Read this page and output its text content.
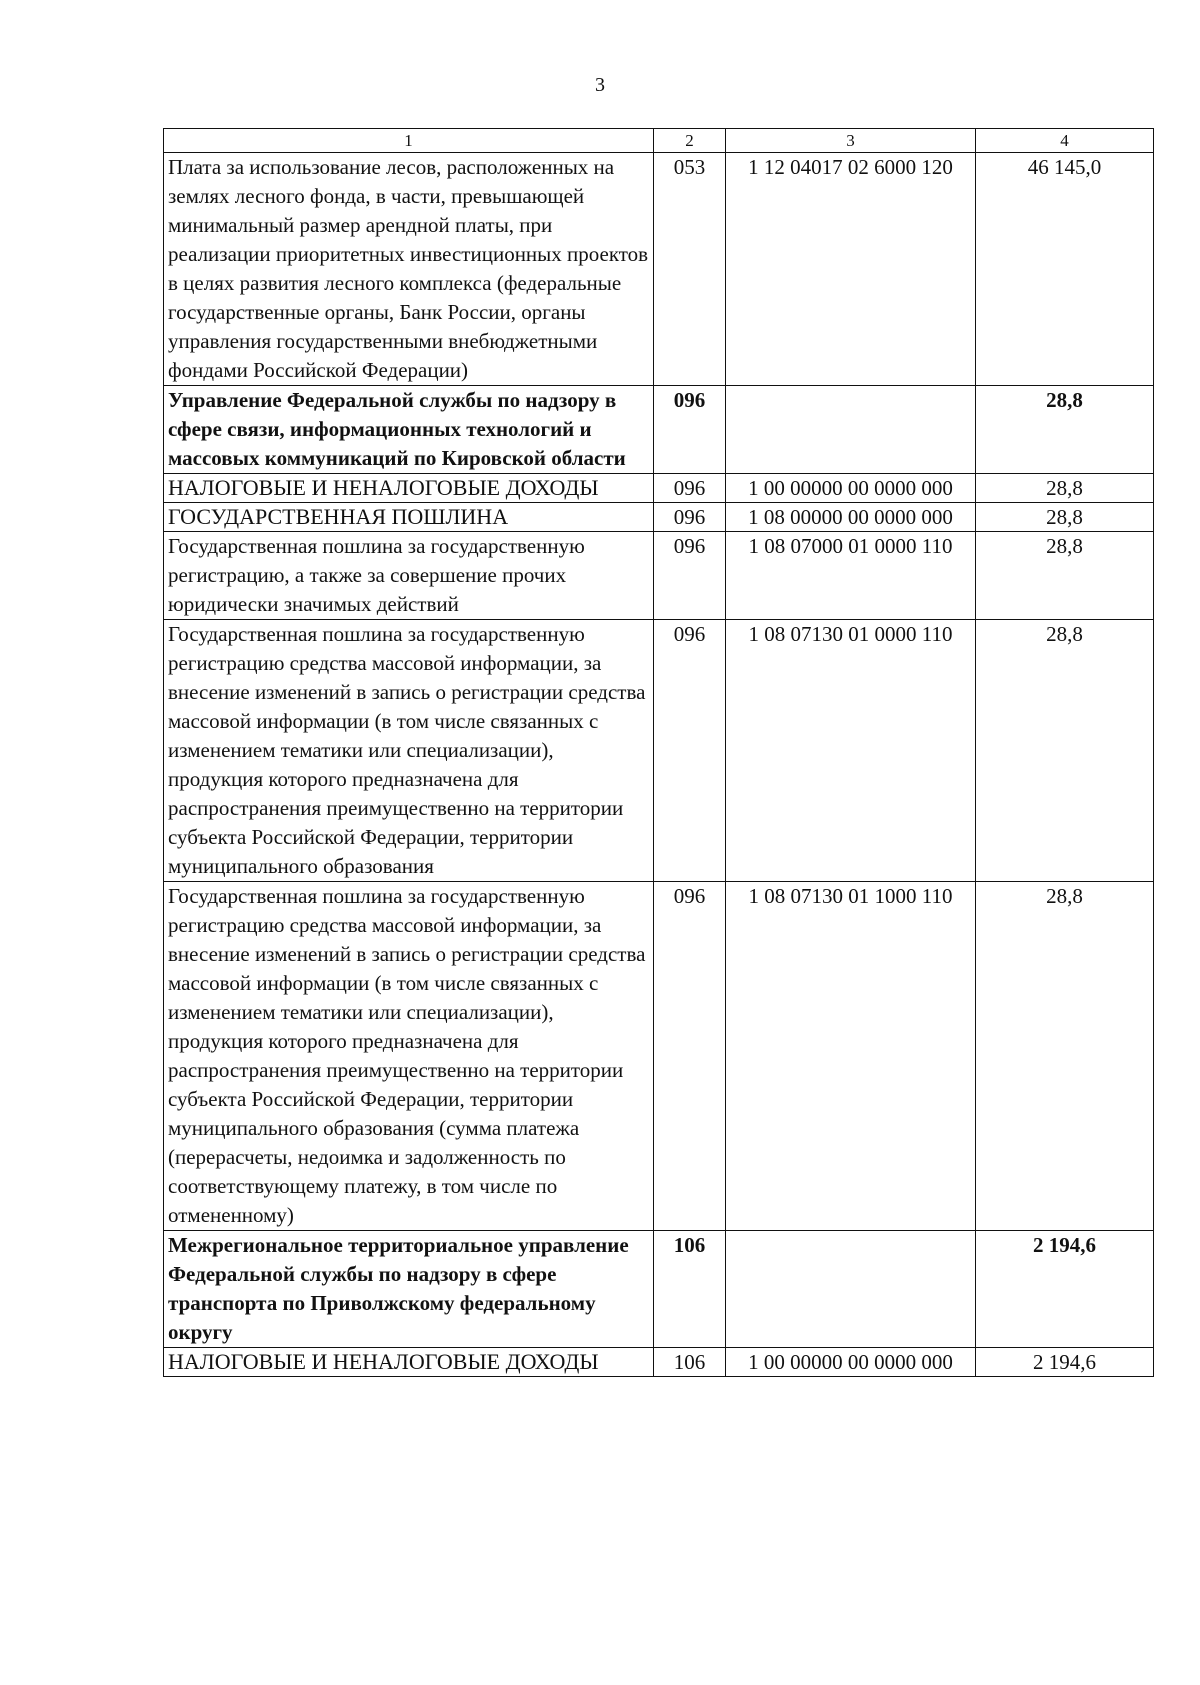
3
1	2	3	4
Плата за использование лесов, расположенных на землях лесного фонда, в части, превышающей минимальный размер арендной платы, при реализации приоритетных инвестиционных проектов в целях развития лесного комплекса (федеральные государственные органы, Банк России, органы управления государственными внебюджетными фондами Российской Федерации)	053	1 12 04017 02 6000 120	46 145,0
Управление Федеральной службы по надзору в сфере связи, информационных технологий и массовых коммуникаций по Кировской области	096		28,8
НАЛОГОВЫЕ И НЕНАЛОГОВЫЕ ДОХОДЫ	096	1 00 00000 00 0000 000	28,8
ГОСУДАРСТВЕННАЯ ПОШЛИНА	096	1 08 00000 00 0000 000	28,8
Государственная пошлина за государственную регистрацию, а также за совершение прочих юридически значимых действий	096	1 08 07000 01 0000 110	28,8
Государственная пошлина за государственную регистрацию средства массовой информации, за внесение изменений в запись о регистрации средства массовой информации (в том числе связанных с изменением тематики или специализации), продукция которого предназначена для распространения преимущественно на территории субъекта Российской Федерации, территории муниципального образования	096	1 08 07130 01 0000 110	28,8
Государственная пошлина за государственную регистрацию средства массовой информации, за внесение изменений в запись о регистрации средства массовой информации (в том числе связанных с изменением тематики или специализации), продукция которого предназначена для распространения преимущественно на территории субъекта Российской Федерации, территории муниципального образования (сумма платежа (перерасчеты, недоимка и задолженность по соответствующему платежу, в том числе по отмененному)	096	1 08 07130 01 1000 110	28,8
Межрегиональное территориальное управление Федеральной службы по надзору в сфере транспорта по Приволжскому федеральному округу	106		2 194,6
НАЛОГОВЫЕ И НЕНАЛОГОВЫЕ ДОХОДЫ	106	1 00 00000 00 0000 000	2 194,6
